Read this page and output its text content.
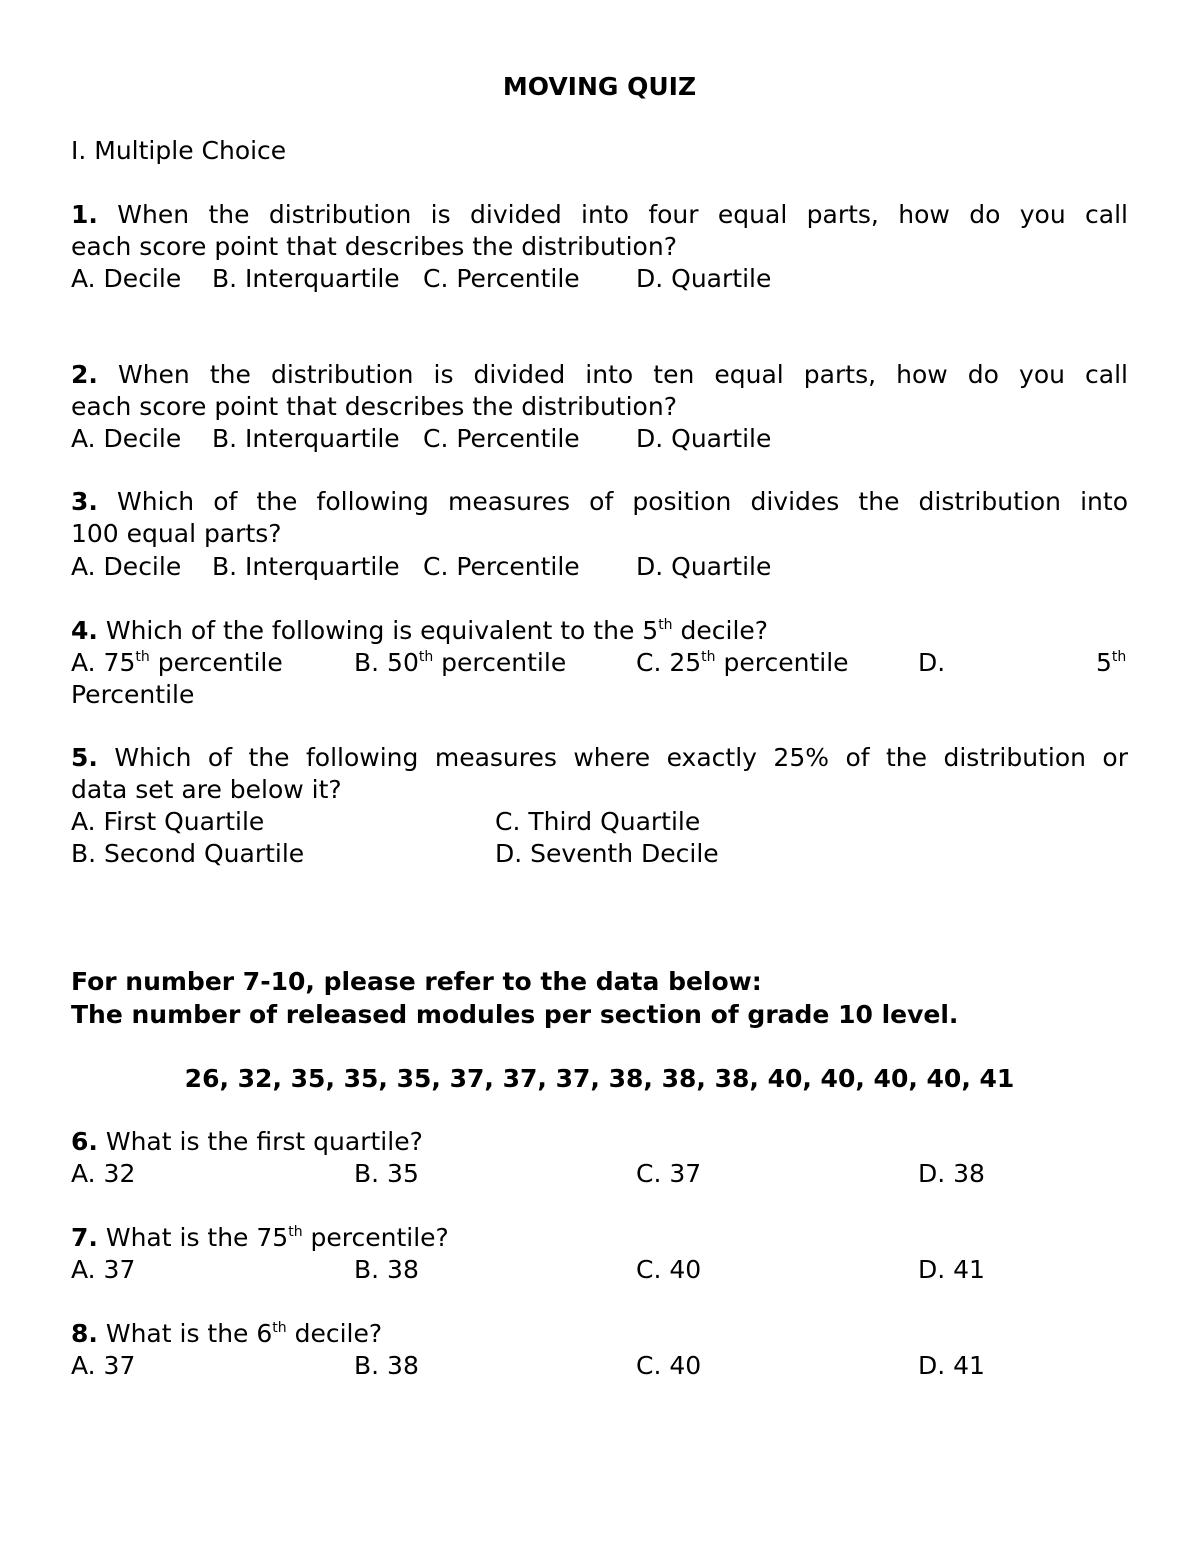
MOVING QUIZ
I. Multiple Choice
1. When the distribution is divided into four equal parts, how do you call
each score point that describes the distribution?
A. Decile B. Interquartile C. Percentile D. Quartile
2. When the distribution is divided into ten equal parts, how do you call
each score point that describes the distribution?
A. Decile B. Interquartile C. Percentile D. Quartile
3. Which of the following measures of position divides the distribution into
100 equal parts?
A. Decile B. Interquartile C. Percentile D. Quartile
4. Which of the following is equivalent to the 5th decile?
A. 75th percentile	B. 50th percentile	C. 25th percentile	D.	5th
Percentile
5. Which of the following measures where exactly 25% of the distribution or
data set are below it?
A. First Quartile	C. Third Quartile
B. Second Quartile	D. Seventh Decile
For number 7-10, please refer to the data below:
The number of released modules per section of grade 10 level.
26, 32, 35, 35, 35, 37, 37, 37, 38, 38, 38, 40, 40, 40, 40, 41
6. What is the first quartile?
A. 32	B. 35	C. 37	D. 38
7. What is the 75th percentile?
A. 37	B. 38	C. 40	D. 41
8. What is the 6th decile?
A. 37	B. 38	C. 40	D. 41
